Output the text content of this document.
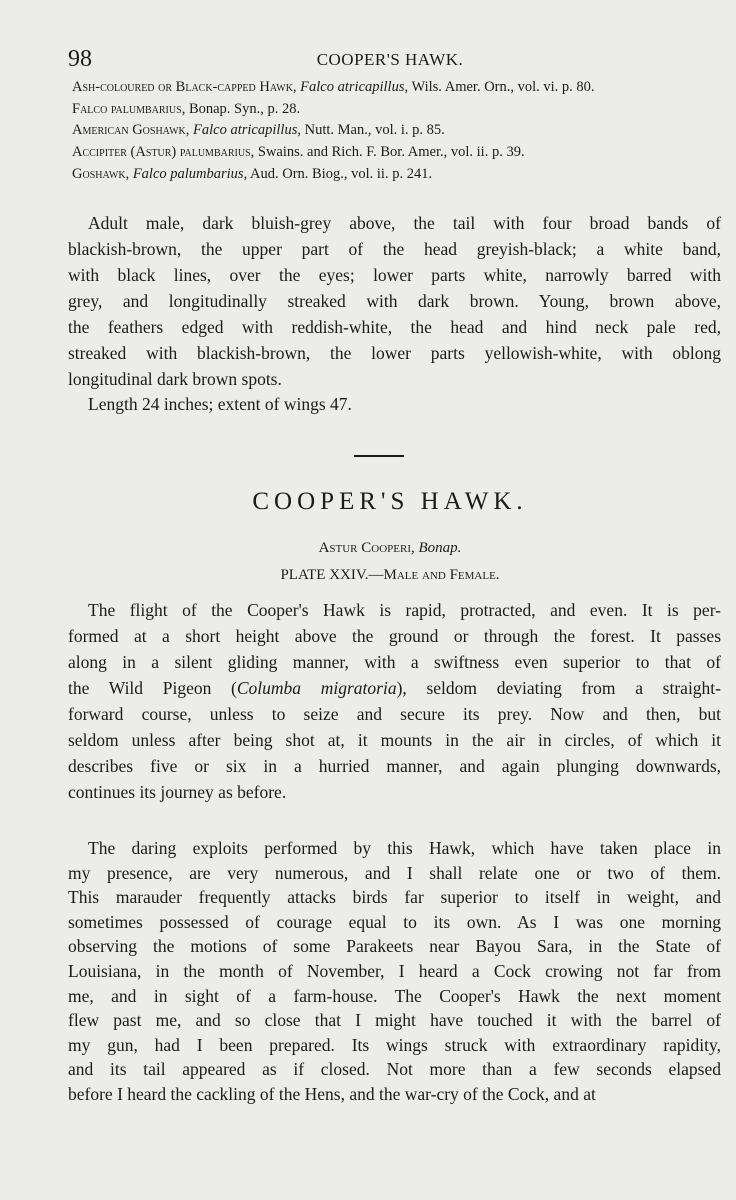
98	COOPER'S HAWK.
Ash-coloured or Black-capped Hawk, Falco atricapillus, Wils. Amer. Orn., vol. vi. p. 80.
Falco palumbarius, Bonap. Syn., p. 28.
American Goshawk, Falco atricapillus, Nutt. Man., vol. i. p. 85.
Accipiter (Astur) palumbarius, Swains. and Rich. F. Bor. Amer., vol. ii. p. 39.
Goshawk, Falco palumbarius, Aud. Orn. Biog., vol. ii. p. 241.
Adult male, dark bluish-grey above, the tail with four broad bands of
blackish-brown, the upper part of the head greyish-black; a white band,
with black lines, over the eyes; lower parts white, narrowly barred with
grey, and longitudinally streaked with dark brown. Young, brown above,
the feathers edged with reddish-white, the head and hind neck pale red,
streaked with blackish-brown, the lower parts yellowish-white, with oblong
longitudinal dark brown spots.
Length 24 inches; extent of wings 47.
COOPER'S HAWK.
Astur Cooperi, Bonap.
PLATE XXIV.—Male and Female.
The flight of the Cooper's Hawk is rapid, protracted, and even. It is per-
formed at a short height above the ground or through the forest. It passes
along in a silent gliding manner, with a swiftness even superior to that of
the Wild Pigeon (Columba migratoria), seldom deviating from a straight-
forward course, unless to seize and secure its prey. Now and then, but
seldom unless after being shot at, it mounts in the air in circles, of which it
describes five or six in a hurried manner, and again plunging downwards,
continues its journey as before.
The daring exploits performed by this Hawk, which have taken place in
my presence, are very numerous, and I shall relate one or two of them.
This marauder frequently attacks birds far superior to itself in weight, and
sometimes possessed of courage equal to its own. As I was one morning
observing the motions of some Parakeets near Bayou Sara, in the State of
Louisiana, in the month of November, I heard a Cock crowing not far from
me, and in sight of a farm-house. The Cooper's Hawk the next moment
flew past me, and so close that I might have touched it with the barrel of
my gun, had I been prepared. Its wings struck with extraordinary rapidity,
and its tail appeared as if closed. Not more than a few seconds elapsed
before I heard the cackling of the Hens, and the war-cry of the Cock, and at
